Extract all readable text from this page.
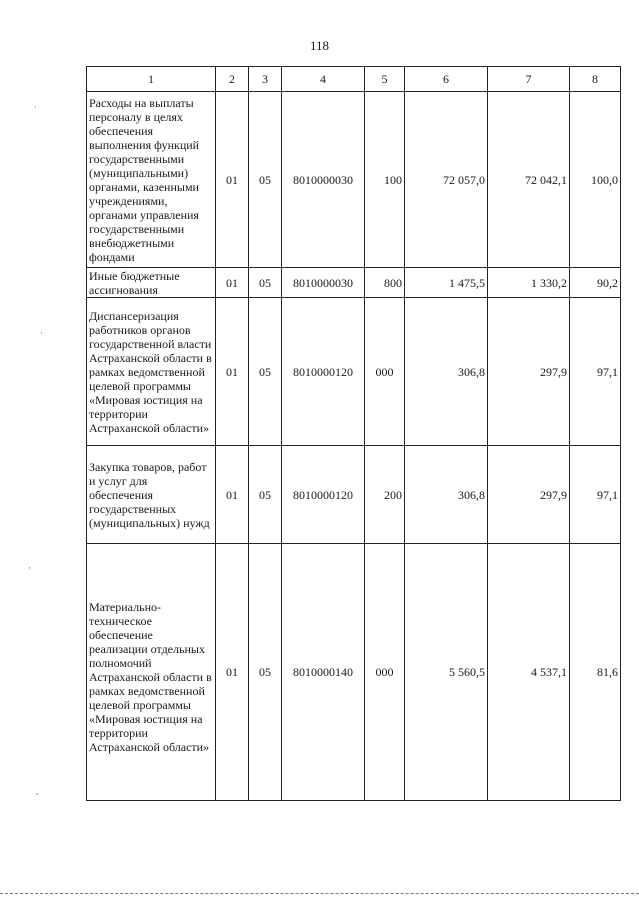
118
1	2	3	4	5	6	7	8
Расходы на выплаты персоналу в целях обеспечения выполнения функций государственными (муниципальными) органами, казенными учреждениями, органами управления государственными внебюджетными фондами	01	05	8010000030	100	72 057,0	72 042,1	100,0
Иные бюджетные ассигнования	01	05	8010000030	800	1 475,5	1 330,2	90,2
Диспансеризация работников органов государственной власти Астраханской области в рамках ведомственной целевой программы «Мировая юстиция на территории Астраханской области»	01	05	8010000120	000	306,8	297,9	97,1
Закупка товаров, работ и услуг для обеспечения государственных (муниципальных) нужд	01	05	8010000120	200	306,8	297,9	97,1
Материально-техническое обеспечение реализации отдельных полномочий Астраханской области в рамках ведомственной целевой программы «Мировая юстиция на территории Астраханской области»	01	05	8010000140	000	5 560,5	4 537,1	81,6
·
·
·
,
